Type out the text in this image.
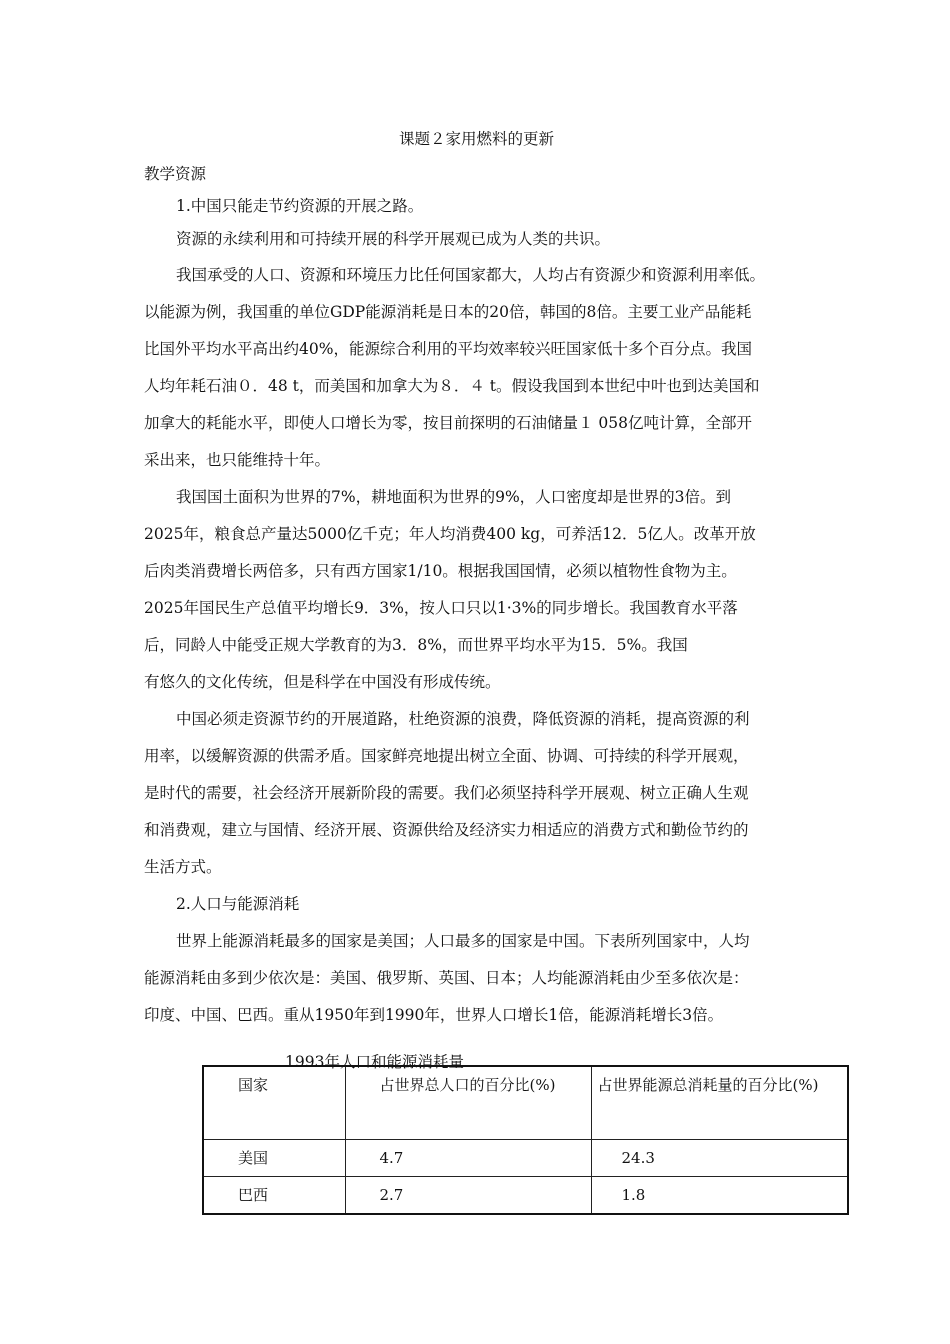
课题２家用燃料的更新
教学资源
1.中国只能走节约资源的开展之路。
资源的永续利用和可持续开展的科学开展观已成为人类的共识。
我国承受的人口、资源和环境压力比任何国家都大，人均占有资源少和资源利用率低。
以能源为例，我国重的单位GDP能源消耗是日本的20倍，韩国的8倍。主要工业产品能耗
比国外平均水平高出约40%，能源综合利用的平均效率较兴旺国家低十多个百分点。我国
人均年耗石油０．48 t，而美国和加拿大为８．４ t。假设我国到本世纪中叶也到达美国和
加拿大的耗能水平，即使人口增长为零，按目前探明的石油储量１ 058亿吨计算，全部开
采出来，也只能维持十年。
我国国土面积为世界的7%，耕地面积为世界的9%，人口密度却是世界的3倍。到
2025年，粮食总产量达5000亿千克；年人均消费400 kg，可养活12．5亿人。改革开放
后肉类消费增长两倍多，只有西方国家1/10。根据我国国情，必须以植物性食物为主。
2025年国民生产总值平均增长9．3%，按人口只以1·3%的同步增长。我国教育水平落
后，同龄人中能受正规大学教育的为3．8%，而世界平均水平为15．5%。我国
有悠久的文化传统，但是科学在中国没有形成传统。
中国必须走资源节约的开展道路，杜绝资源的浪费，降低资源的消耗，提高资源的利
用率，以缓解资源的供需矛盾。国家鲜亮地提出树立全面、协调、可持续的科学开展观，
是时代的需要，社会经济开展新阶段的需要。我们必须坚持科学开展观、树立正确人生观
和消费观，建立与国情、经济开展、资源供给及经济实力相适应的消费方式和勤俭节约的
生活方式。
2.人口与能源消耗
世界上能源消耗最多的国家是美国；人口最多的国家是中国。下表所列国家中，人均
能源消耗由多到少依次是：美国、俄罗斯、英国、日本；人均能源消耗由少至多依次是：
印度、中国、巴西。重从1950年到1990年，世界人口增长1倍，能源消耗增长3倍。
1993年人口和能源消耗量
国家	占世界总人口的百分比(%)	占世界能源总消耗量的百分比(%)
美国	4.7	24.3
巴西	2.7	1.8
